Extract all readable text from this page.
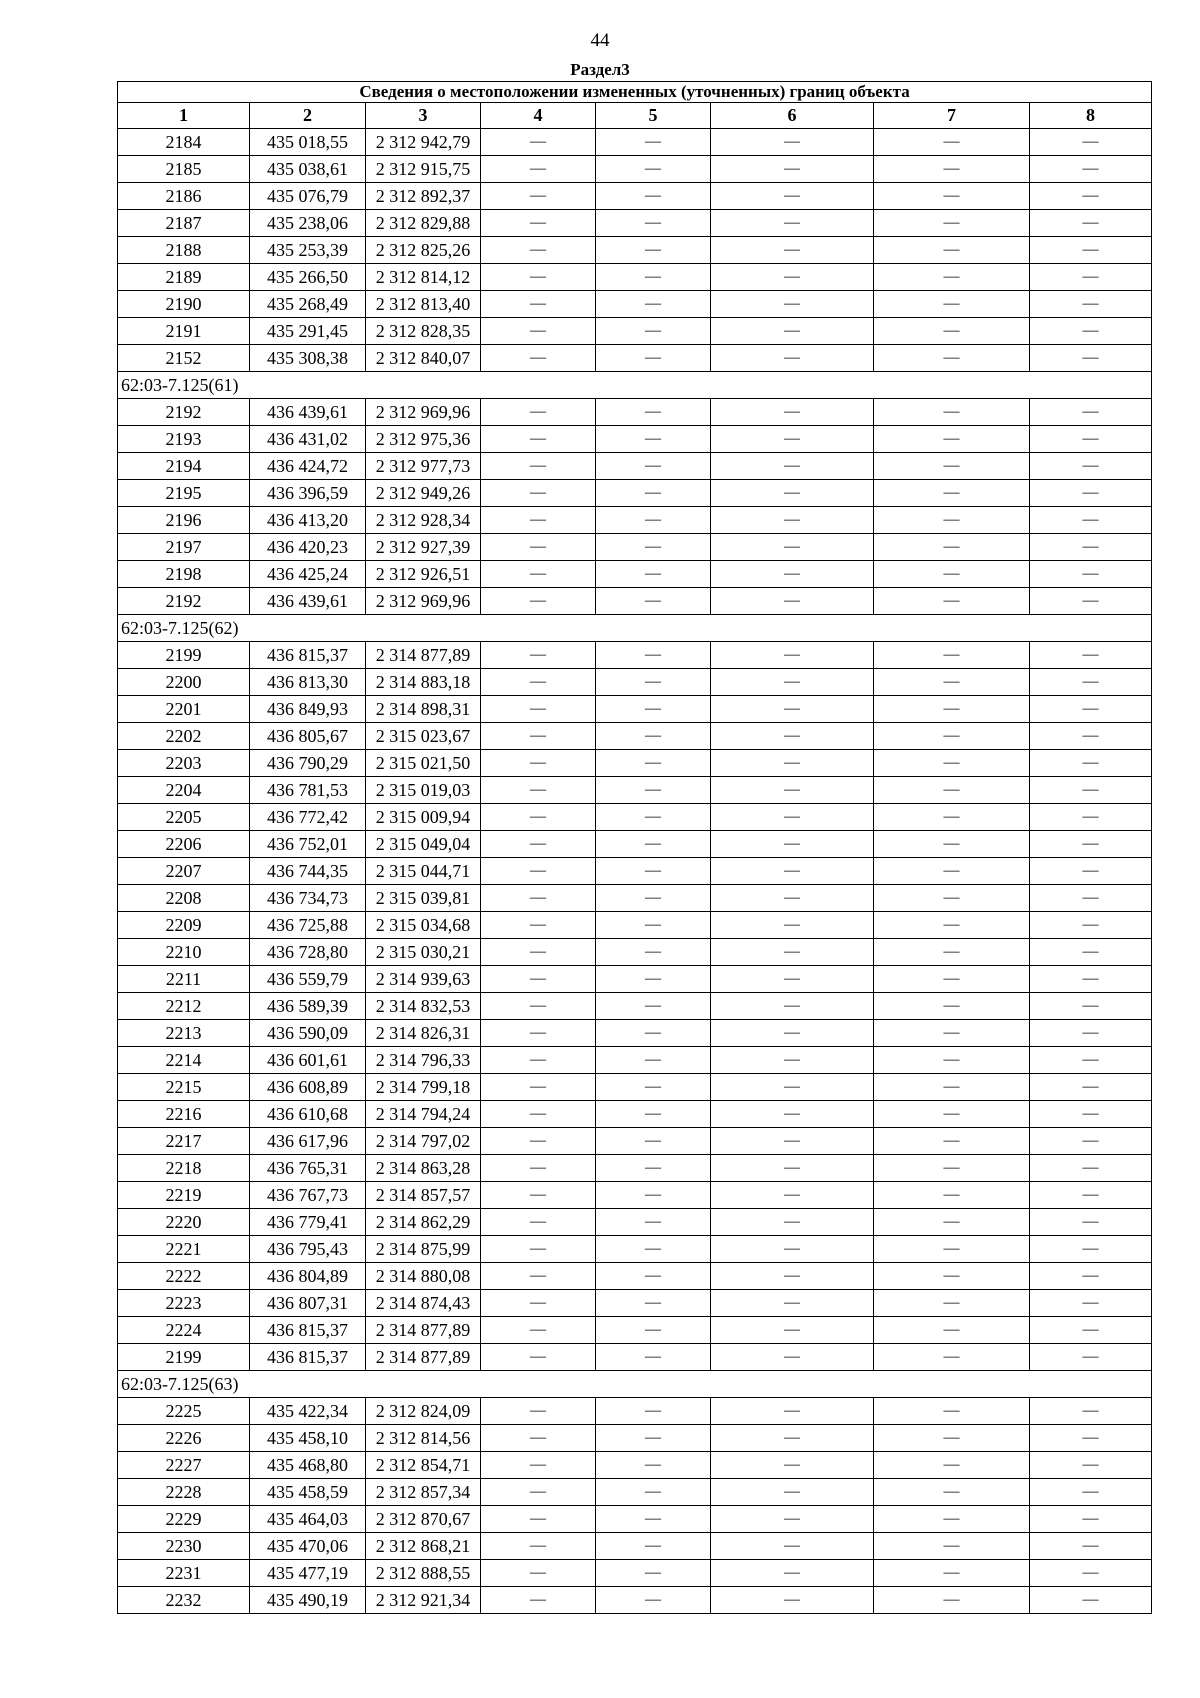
44
Раздел3
Сведения о местоположении измененных (уточненных) границ объекта							
1	2	3	4	5	6	7	8
2184	435 018,55	2 312 942,79	—	—	—	—	—
2185	435 038,61	2 312 915,75	—	—	—	—	—
2186	435 076,79	2 312 892,37	—	—	—	—	—
2187	435 238,06	2 312 829,88	—	—	—	—	—
2188	435 253,39	2 312 825,26	—	—	—	—	—
2189	435 266,50	2 312 814,12	—	—	—	—	—
2190	435 268,49	2 312 813,40	—	—	—	—	—
2191	435 291,45	2 312 828,35	—	—	—	—	—
2152	435 308,38	2 312 840,07	—	—	—	—	—
62:03-7.125(61)							
2192	436 439,61	2 312 969,96	—	—	—	—	—
2193	436 431,02	2 312 975,36	—	—	—	—	—
2194	436 424,72	2 312 977,73	—	—	—	—	—
2195	436 396,59	2 312 949,26	—	—	—	—	—
2196	436 413,20	2 312 928,34	—	—	—	—	—
2197	436 420,23	2 312 927,39	—	—	—	—	—
2198	436 425,24	2 312 926,51	—	—	—	—	—
2192	436 439,61	2 312 969,96	—	—	—	—	—
62:03-7.125(62)							
2199	436 815,37	2 314 877,89	—	—	—	—	—
2200	436 813,30	2 314 883,18	—	—	—	—	—
2201	436 849,93	2 314 898,31	—	—	—	—	—
2202	436 805,67	2 315 023,67	—	—	—	—	—
2203	436 790,29	2 315 021,50	—	—	—	—	—
2204	436 781,53	2 315 019,03	—	—	—	—	—
2205	436 772,42	2 315 009,94	—	—	—	—	—
2206	436 752,01	2 315 049,04	—	—	—	—	—
2207	436 744,35	2 315 044,71	—	—	—	—	—
2208	436 734,73	2 315 039,81	—	—	—	—	—
2209	436 725,88	2 315 034,68	—	—	—	—	—
2210	436 728,80	2 315 030,21	—	—	—	—	—
2211	436 559,79	2 314 939,63	—	—	—	—	—
2212	436 589,39	2 314 832,53	—	—	—	—	—
2213	436 590,09	2 314 826,31	—	—	—	—	—
2214	436 601,61	2 314 796,33	—	—	—	—	—
2215	436 608,89	2 314 799,18	—	—	—	—	—
2216	436 610,68	2 314 794,24	—	—	—	—	—
2217	436 617,96	2 314 797,02	—	—	—	—	—
2218	436 765,31	2 314 863,28	—	—	—	—	—
2219	436 767,73	2 314 857,57	—	—	—	—	—
2220	436 779,41	2 314 862,29	—	—	—	—	—
2221	436 795,43	2 314 875,99	—	—	—	—	—
2222	436 804,89	2 314 880,08	—	—	—	—	—
2223	436 807,31	2 314 874,43	—	—	—	—	—
2224	436 815,37	2 314 877,89	—	—	—	—	—
2199	436 815,37	2 314 877,89	—	—	—	—	—
62:03-7.125(63)							
2225	435 422,34	2 312 824,09	—	—	—	—	—
2226	435 458,10	2 312 814,56	—	—	—	—	—
2227	435 468,80	2 312 854,71	—	—	—	—	—
2228	435 458,59	2 312 857,34	—	—	—	—	—
2229	435 464,03	2 312 870,67	—	—	—	—	—
2230	435 470,06	2 312 868,21	—	—	—	—	—
2231	435 477,19	2 312 888,55	—	—	—	—	—
2232	435 490,19	2 312 921,34	—	—	—	—	—
